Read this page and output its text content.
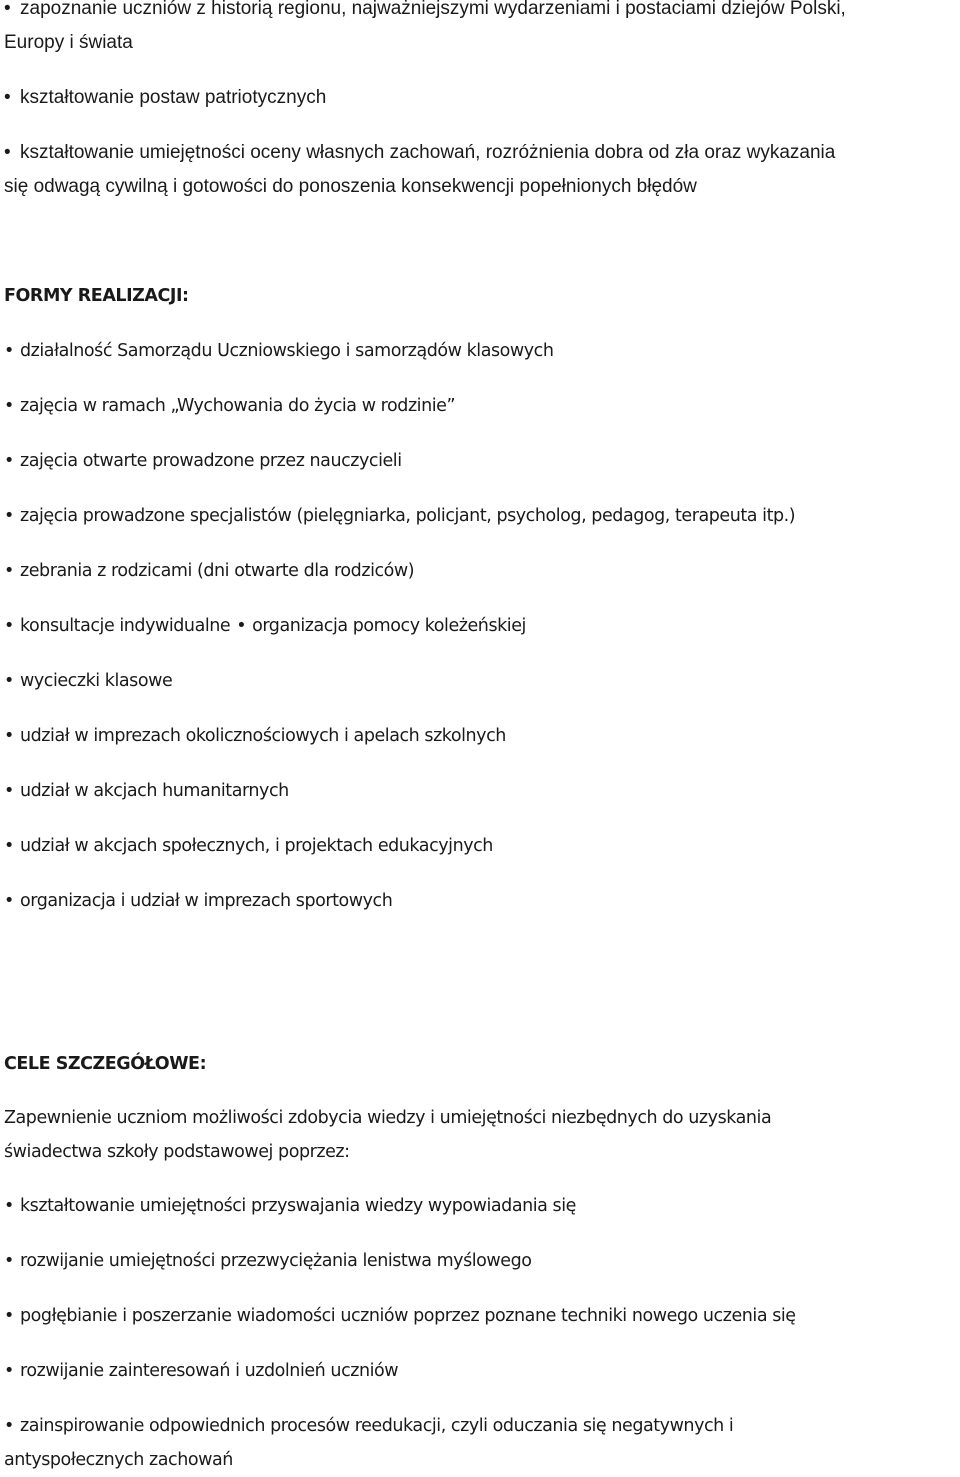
• zapoznanie uczniów z historią regionu, najważniejszymi wydarzeniami i postaciami dziejów Polski,
Europy i świata
• kształtowanie postaw patriotycznych
• kształtowanie umiejętności oceny własnych zachowań, rozróżnienia dobra od zła oraz wykazania
się odwagą cywilną i gotowości do ponoszenia konsekwencji popełnionych błędów
FORMY REALIZACJI:
• działalność Samorządu Uczniowskiego i samorządów klasowych
• zajęcia w ramach „Wychowania do życia w rodzinie”
• zajęcia otwarte prowadzone przez nauczycieli
• zajęcia prowadzone specjalistów (pielęgniarka, policjant, psycholog, pedagog, terapeuta itp.)
• zebrania z rodzicami (dni otwarte dla rodziców)
• konsultacje indywidualne • organizacja pomocy koleżeńskiej
• wycieczki klasowe
• udział w imprezach okolicznościowych i apelach szkolnych
• udział w akcjach humanitarnych
• udział w akcjach społecznych, i projektach edukacyjnych
• organizacja i udział w imprezach sportowych
CELE SZCZEGÓŁOWE:
Zapewnienie uczniom możliwości zdobycia wiedzy i umiejętności niezbędnych do uzyskania
świadectwa szkoły podstawowej poprzez:
• kształtowanie umiejętności przyswajania wiedzy wypowiadania się
• rozwijanie umiejętności przezwyciężania lenistwa myślowego
• pogłębianie i poszerzanie wiadomości uczniów poprzez poznane techniki nowego uczenia się
• rozwijanie zainteresowań i uzdolnień uczniów
• zainspirowanie odpowiednich procesów reedukacji, czyli oduczania się negatywnych i
antyspołecznych zachowań
